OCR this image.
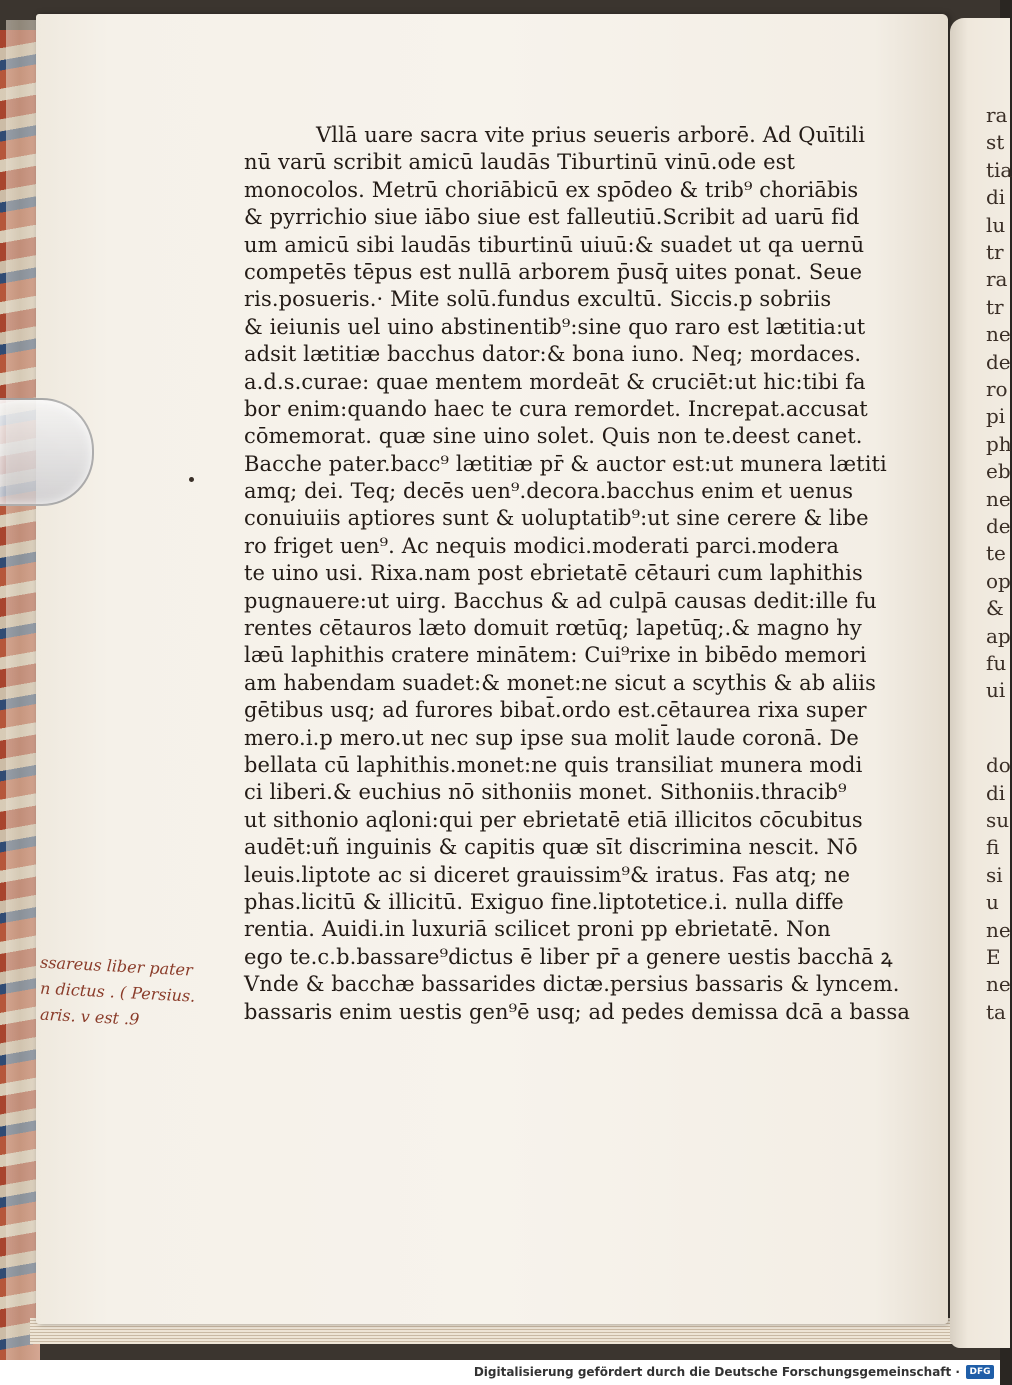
ra
st
tia
di
lu
tr
ra
tr
ne
de
ro
pi
ph
eb
ne
de
te
op
&
ap
fu
ui
do
di
su
fi
si
u
ne
E
ne
ta
Vllā uare sacra vite prius seueris arborē. Ad Quītili
nū varū scribit amicū laudās Tiburtinū vinū.ode est
monocolos. Metrū choriābicū ex spōdeo & trib⁹ choriābis
& pyrrichio siue iābo siue est falleutiū.Scribit ad uarū fid
um amicū sibi laudās tiburtinū uiuū:& suadet ut qa uernū
competēs tēpus est nullā arborem p̄usq̄ uites ponat. Seue
ris.posueris.· Mite solū.fundus excultū. Siccis.p sobriis
& ieiunis uel uino abstinentib⁹:sine quo raro est lætitia:ut
adsit lætitiæ bacchus dator:& bona iuno. Neq; mordaces.
a.d.s.curae: quae mentem mordeāt & cruciēt:ut hic:tibi fa
bor enim:quando haec te cura remordet. Increpat.accusat
cōmemorat. quæ sine uino solet. Quis non te.deest canet.
Bacche pater.bacc⁹ lætitiæ pr̄ & auctor est:ut munera lætiti
amq; dei. Teq; decēs uen⁹.decora.bacchus enim et uenus
conuiuiis aptiores sunt & uoluptatib⁹:ut sine cerere & libe
ro friget uen⁹. Ac nequis modici.moderati parci.modera
te uino usi. Rixa.nam post ebrietatē cētauri cum laphithis
pugnauere:ut uirg. Bacchus & ad culpā causas dedit:ille fu
rentes cētauros læto domuit rœtūq; lapetūq;.& magno hy
læū laphithis cratere minātem: Cui⁹rixe in bibēdo memori
am habendam suadet:& monet:ne sicut a scythis & ab aliis
gētibus usq; ad furores bibat̄.ordo est.cētaurea rixa super
mero.i.p mero.ut nec sup ipse sua molit̄ laude coronā. De
bellata cū laphithis.monet:ne quis transiliat munera modi
ci liberi.& euchius nō sithoniis monet. Sithoniis.thracib⁹
ut sithonio aqloni:qui per ebrietatē etiā illicitos cōcubitus
audēt:uñ inguinis & capitis quæ sīt discrimina nescit. Nō
leuis.liptote ac si diceret grauissim⁹& iratus. Fas atq; ne
phas.licitū & illicitū. Exiguo fine.liptotetice.i. nulla diffe
rentia. Auidi.in luxuriā scilicet proni pp ebrietatē. Non
ego te.c.b.bassare⁹dictus ē liber pr̄ a genere uestis bacchā ꝝ
Vnde & bacchæ bassarides dictæ.persius bassaris & lyncem.
bassaris enim uestis gen⁹ē usq; ad pedes demissa dcā a bassa
ssareus liber pater
n dictus . ( Persius.
aris. v est .9
Digitalisierung gefördert durch die Deutsche Forschungsgemeinschaft ·	DFG
